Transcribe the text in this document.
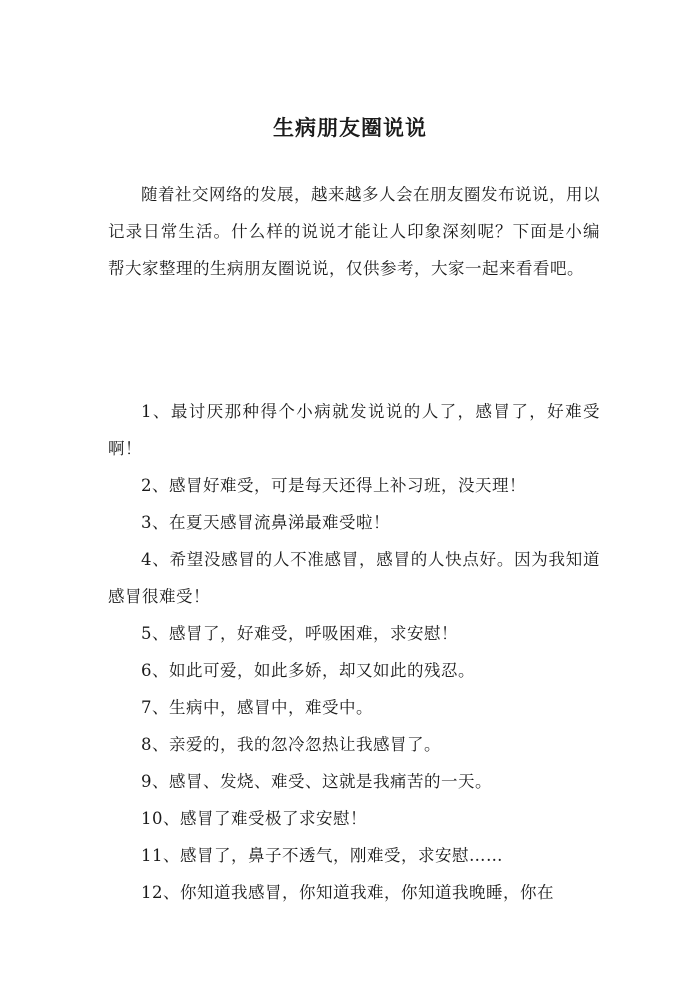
生病朋友圈说说

随着社交网络的发展，越来越多人会在朋友圈发布说说，用以记录日常生活。什么样的说说才能让人印象深刻呢？下面是小编帮大家整理的生病朋友圈说说，仅供参考，大家一起来看看吧。

1、最讨厌那种得个小病就发说说的人了，感冒了，好难受啊！
2、感冒好难受，可是每天还得上补习班，没天理！
3、在夏天感冒流鼻涕最难受啦！
4、希望没感冒的人不准感冒，感冒的人快点好。因为我知道感冒很难受！
5、感冒了，好难受，呼吸困难，求安慰！
6、如此可爱，如此多娇，却又如此的残忍。
7、生病中，感冒中，难受中。
8、亲爱的，我的忽冷忽热让我感冒了。
9、感冒、发烧、难受、这就是我痛苦的一天。
10、感冒了难受极了求安慰！
11、感冒了，鼻子不透气，刚难受，求安慰……
12、你知道我感冒，你知道我难，你知道我晚睡，你在
